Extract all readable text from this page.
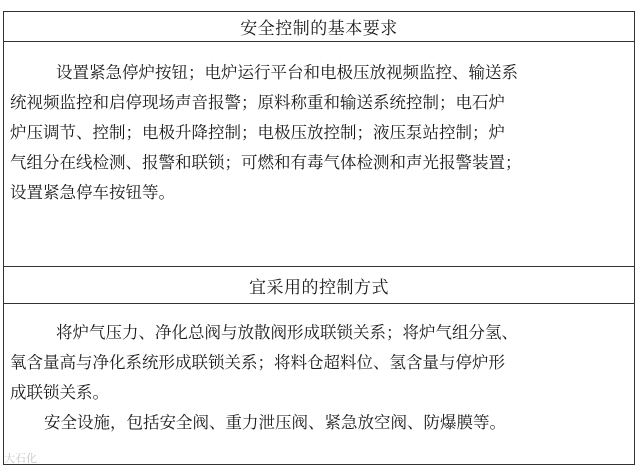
安全控制的基本要求
设置紧急停炉按钮；电炉运行平台和电极压放视频监控、输送系
统视频监控和启停现场声音报警；原料称重和输送系统控制；电石炉
炉压调节、控制；电极升降控制；电极压放控制；液压泵站控制；炉
气组分在线检测、报警和联锁；可燃和有毒气体检测和声光报警装置；
设置紧急停车按钮等。
宜采用的控制方式
将炉气压力、净化总阀与放散阀形成联锁关系；将炉气组分氢、
氧含量高与净化系统形成联锁关系；将料仓超料位、氢含量与停炉形
成联锁关系。
安全设施，包括安全阀、重力泄压阀、紧急放空阀、防爆膜等。
大石化
